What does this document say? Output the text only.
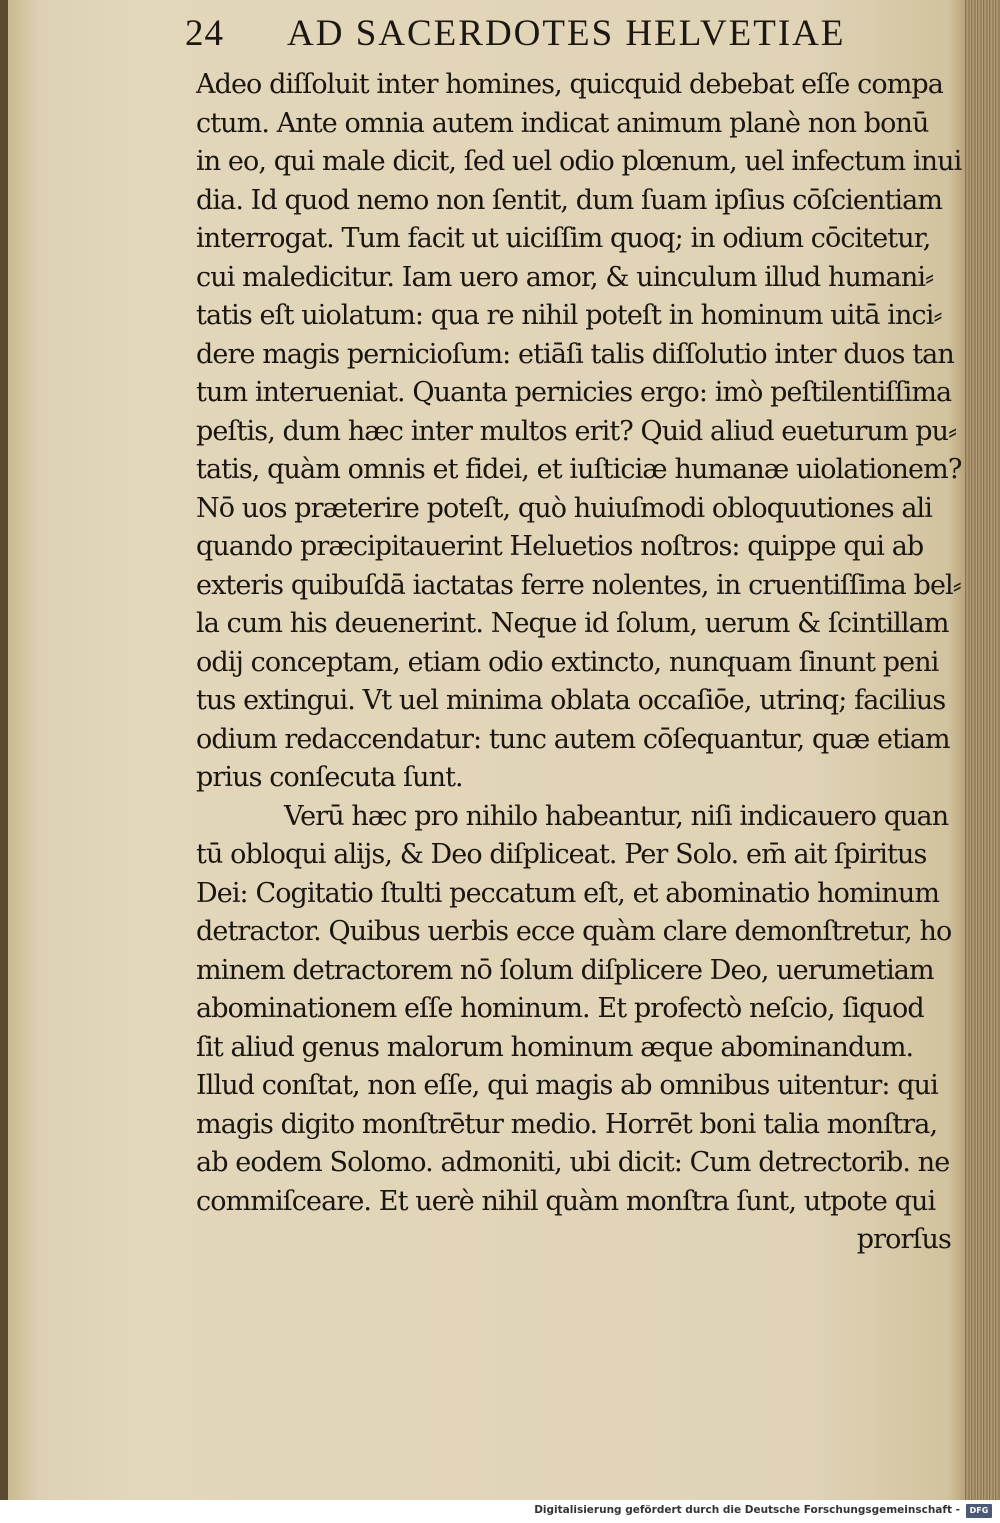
24 AD SACERDOTES HELVETIAE
Adeo diſſoluit inter homines, quicquid debebat eſſe compa
ctum. Ante omnia autem indicat animum planè non bonū
in eo, qui male dicit, ſed uel odio plœnum, uel infectum inui
dia. Id quod nemo non ſentit, dum ſuam ipſius cōſcientiam
interrogat. Tum facit ut uiciſſim quoq; in odium cōcitetur,
cui maledicitur. Iam uero amor, & uinculum illud humani⸗
tatis eſt uiolatum: qua re nihil poteſt in hominum uitā inci⸗
dere magis pernicioſum: etiāſi talis diſſolutio inter duos tan
tum interueniat. Quanta pernicies ergo: imò peſtilentiſſima
peſtis, dum hæc inter multos erit? Quid aliud eueturum pu⸗
tatis, quàm omnis et fidei, et iuſticiæ humanæ uiolationem?
Nō uos præterire poteſt, quò huiuſmodi obloquutiones ali
quando præcipitauerint Heluetios noſtros: quippe qui ab
exteris quibuſdā iactatas ferre nolentes, in cruentiſſima bel⸗
la cum his deuenerint. Neque id ſolum, uerum & ſcintillam
odij conceptam, etiam odio extincto, nunquam ſinunt peni
tus extingui. Vt uel minima oblata occaſiōe, utrinq; facilius
odium redaccendatur: tunc autem cōſequantur, quæ etiam
prius conſecuta ſunt.
Verū hæc pro nihilo habeantur, niſi indicauero quan
tū obloqui alijs, & Deo diſpliceat. Per Solo. em̄ ait ſpiritus
Dei: Cogitatio ſtulti peccatum eſt, et abominatio hominum
detractor. Quibus uerbis ecce quàm clare demonſtretur, ho
minem detractorem nō ſolum diſplicere Deo, uerumetiam
abominationem eſſe hominum. Et profectò neſcio, ſiquod
ſit aliud genus malorum hominum æque abominandum.
Illud conſtat, non eſſe, qui magis ab omnibus uitentur: qui
magis digito monſtrētur medio. Horrēt boni talia monſtra,
ab eodem Solomo. admoniti, ubi dicit: Cum detrectorib. ne
commiſceare. Et uerè nihil quàm monſtra ſunt, utpote qui
prorſus
Digitalisierung gefördert durch die Deutsche Forschungsgemeinschaft -	DFG
